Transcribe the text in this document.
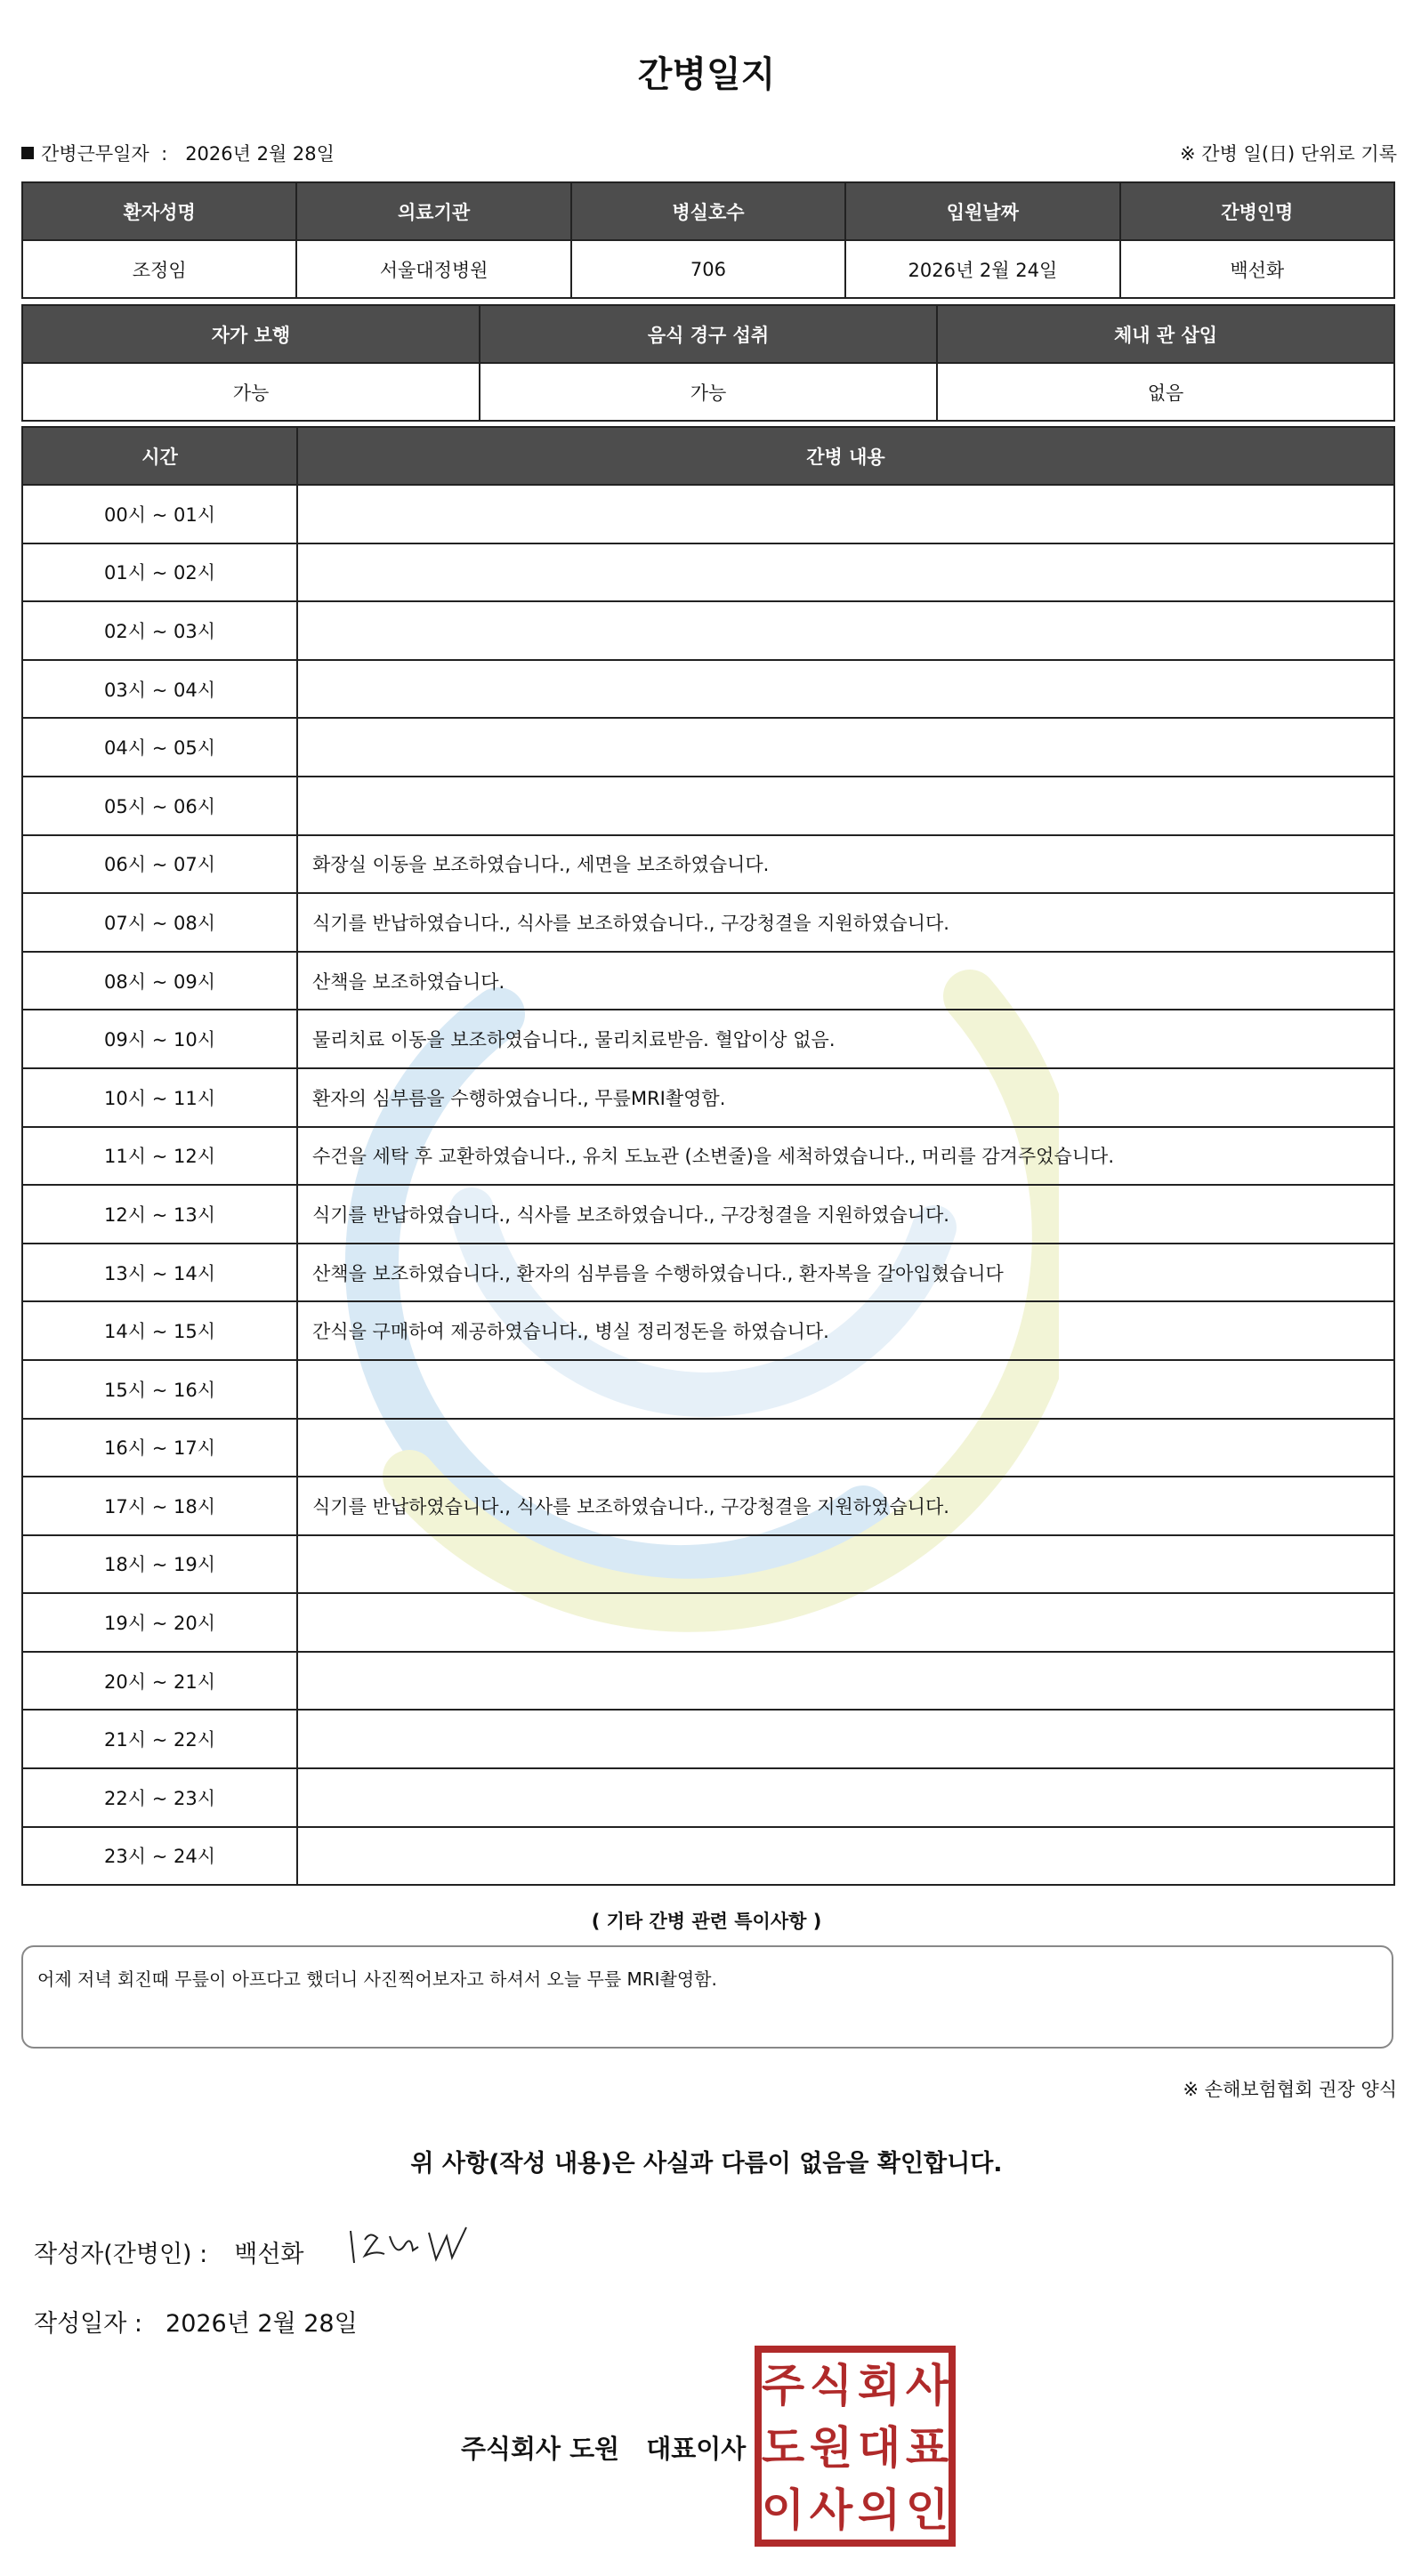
간병일지
간병근무일자 : 2026년 2월 28일	※ 간병 일(日) 단위로 기록
환자성명	의료기관	병실호수	입원날짜	간병인명
조정임	서울대정병원	706	2026년 2월 24일	백선화
자가 보행	음식 경구 섭취	체내 관 삽입
가능	가능	없음
시간	간병 내용
00시 ~ 01시	
01시 ~ 02시	
02시 ~ 03시	
03시 ~ 04시	
04시 ~ 05시	
05시 ~ 06시	
06시 ~ 07시	화장실 이동을 보조하였습니다., 세면을 보조하였습니다.
07시 ~ 08시	식기를 반납하였습니다., 식사를 보조하였습니다., 구강청결을 지원하였습니다.
08시 ~ 09시	산책을 보조하였습니다.
09시 ~ 10시	물리치료 이동을 보조하였습니다., 물리치료받음. 혈압이상 없음.
10시 ~ 11시	환자의 심부름을 수행하였습니다., 무릎MRI촬영함.
11시 ~ 12시	수건을 세탁 후 교환하였습니다., 유치 도뇨관 (소변줄)을 세척하였습니다., 머리를 감겨주었습니다.
12시 ~ 13시	식기를 반납하였습니다., 식사를 보조하였습니다., 구강청결을 지원하였습니다.
13시 ~ 14시	산책을 보조하였습니다., 환자의 심부름을 수행하였습니다., 환자복을 갈아입혔습니다
14시 ~ 15시	간식을 구매하여 제공하였습니다., 병실 정리정돈을 하였습니다.
15시 ~ 16시	
16시 ~ 17시	
17시 ~ 18시	식기를 반납하였습니다., 식사를 보조하였습니다., 구강청결을 지원하였습니다.
18시 ~ 19시	
19시 ~ 20시	
20시 ~ 21시	
21시 ~ 22시	
22시 ~ 23시	
23시 ~ 24시	
( 기타 간병 관련 특이사항 )
어제 저녁 회진때 무릎이 아프다고 했더니 사진찍어보자고 하셔서 오늘 무릎 MRI촬영함.
※ 손해보험협회 권장 양식
위 사항(작성 내용)은 사실과 다름이 없음을 확인합니다.
작성자(간병인) : 백선화
작성일자 : 2026년 2월 28일
주식회사 도원 대표이사
주 식 회 사
도 원 대 표
이 사 의 인
